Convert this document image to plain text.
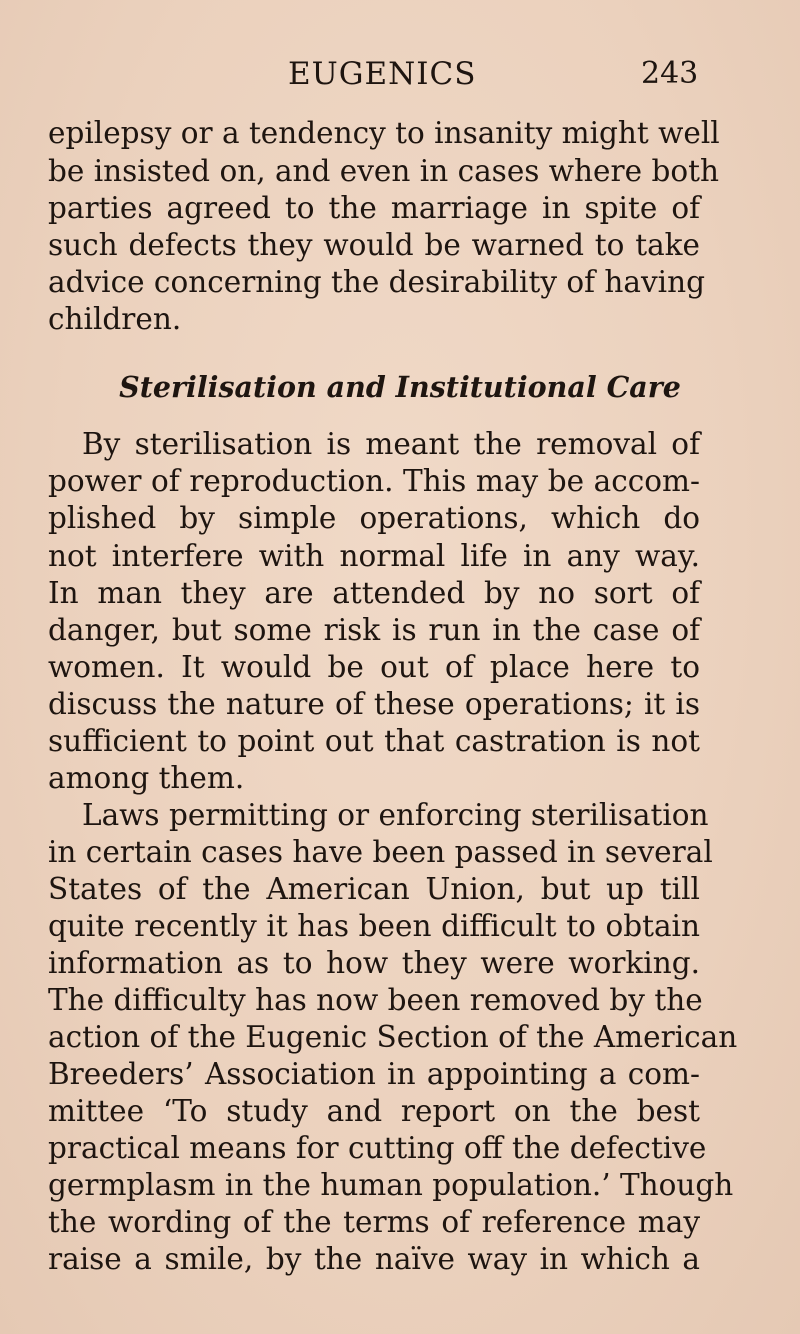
EUGENICS	243
epilepsy or a tendency to insanity might well
be insisted on, and even in cases where both
parties agreed to the marriage in spite of
such defects they would be warned to take
advice concerning the desirability of having
children.
Sterilisation and Institutional Care
By sterilisation is meant the removal of
power of reproduction. This may be accom-
plished by simple operations, which do
not interfere with normal life in any way.
In man they are attended by no sort of
danger, but some risk is run in the case of
women. It would be out of place here to
discuss the nature of these operations; it is
sufficient to point out that castration is not
among them.
Laws permitting or enforcing sterilisation
in certain cases have been passed in several
States of the American Union, but up till
quite recently it has been difficult to obtain
information as to how they were working.
The difficulty has now been removed by the
action of the Eugenic Section of the American
Breeders’ Association in appointing a com-
mittee ‘To study and report on the best
practical means for cutting off the defective
germplasm in the human population.’ Though
the wording of the terms of reference may
raise a smile, by the naïve way in which a
